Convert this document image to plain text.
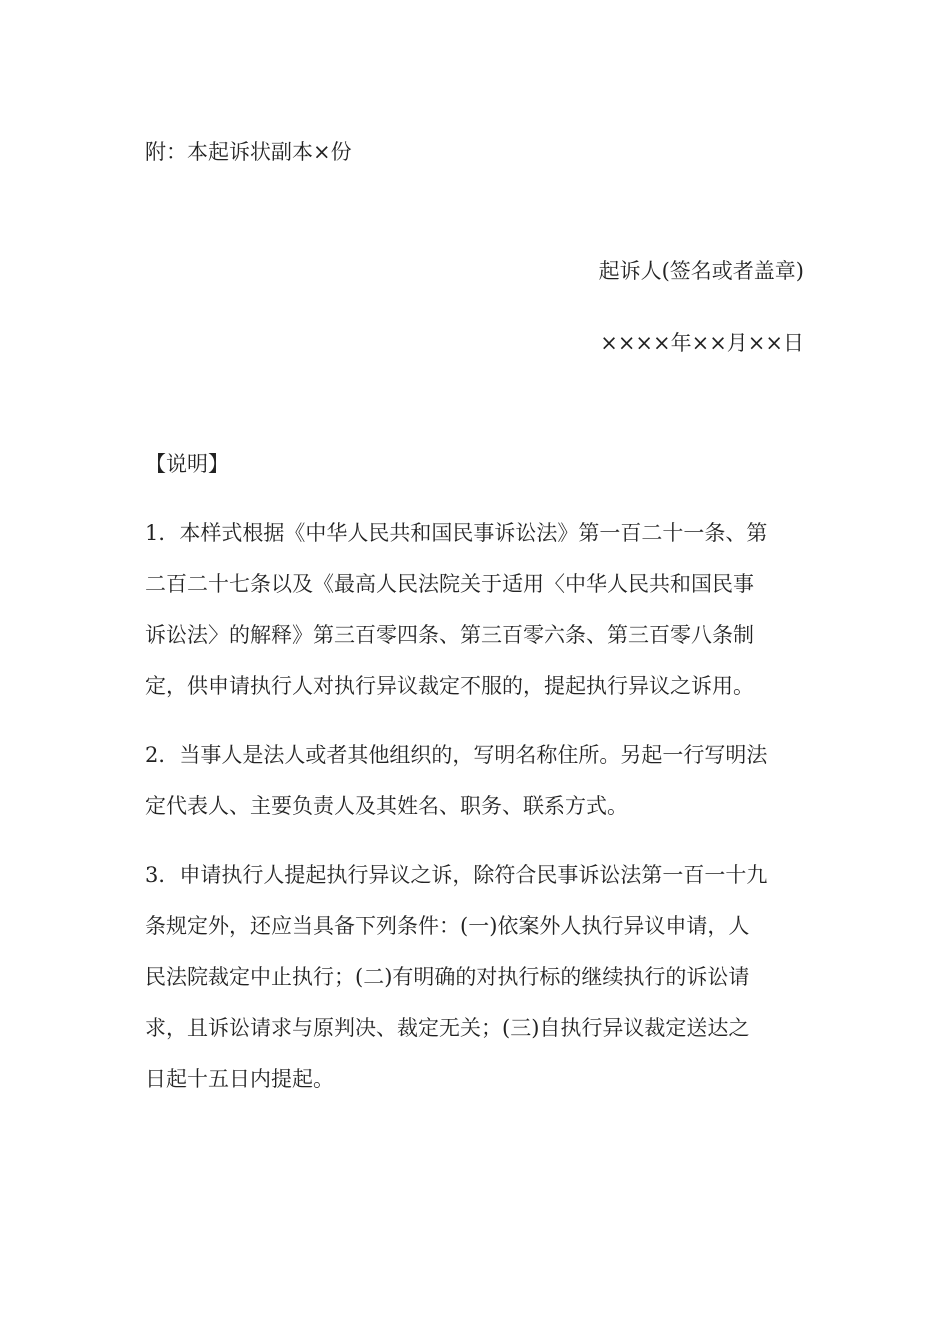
附：本起诉状副本×份
起诉人(签名或者盖章)
××××年××月××日
【说明】
1．本样式根据《中华人民共和国民事诉讼法》第一百二十一条、第
二百二十七条以及《最高人民法院关于适用〈中华人民共和国民事
诉讼法〉的解释》第三百零四条、第三百零六条、第三百零八条制
定，供申请执行人对执行异议裁定不服的，提起执行异议之诉用。
2．当事人是法人或者其他组织的，写明名称住所。另起一行写明法
定代表人、主要负责人及其姓名、职务、联系方式。
3．申请执行人提起执行异议之诉，除符合民事诉讼法第一百一十九
条规定外，还应当具备下列条件：(一)依案外人执行异议申请，人
民法院裁定中止执行；(二)有明确的对执行标的继续执行的诉讼请
求，且诉讼请求与原判决、裁定无关；(三)自执行异议裁定送达之
日起十五日内提起。
